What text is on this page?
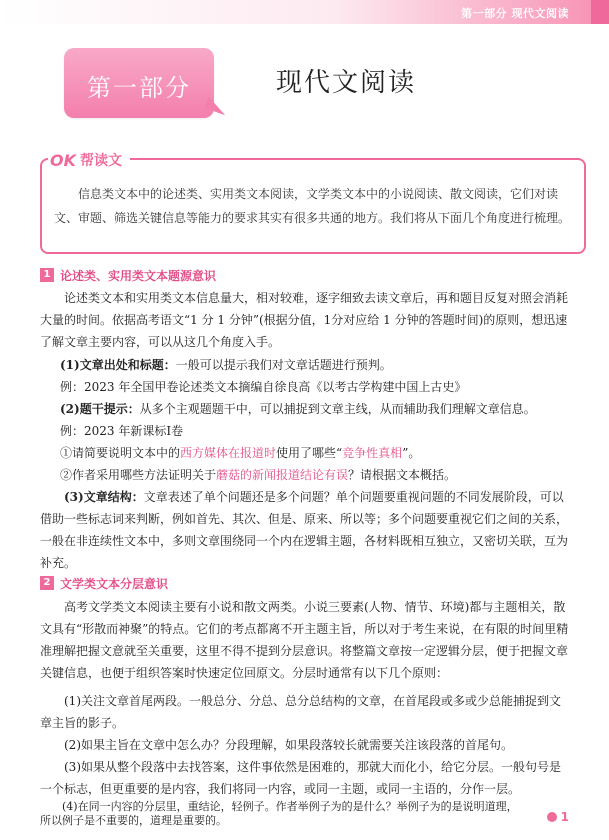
第一部分 现代文阅读
第一部分	现代文阅读
OK 帮读文
信息类文本中的论述类、实用类文本阅读，文学类文本中的小说阅读、散文阅读，它们对读文、审题、筛选关键信息等能力的要求其实有很多共通的地方。我们将从下面几个角度进行梳理。
1 论述类、实用类文本题源意识
论述类文本和实用类文本信息量大，相对较难，逐字细致去读文章后，再和题目反复对照会消耗大量的时间。依据高考语文“1 分 1 分钟”(根据分值，1分对应给 1 分钟的答题时间)的原则，想迅速了解文章主要内容，可以从这几个角度入手。
(1)文章出处和标题：一般可以提示我们对文章话题进行预判。
例：2023 年全国甲卷论述类文本摘编自徐良高《以考古学构建中国上古史》
(2)题干提示：从多个主观题题干中，可以捕捉到文章主线，从而辅助我们理解文章信息。
例：2023 年新课标Ⅰ卷
①请简要说明文本中的西方媒体在报道时使用了哪些“竞争性真相”。
②作者采用哪些方法证明关于蘑菇的新闻报道结论有误？请根据文本概括。
(3)文章结构：文章表述了单个问题还是多个问题？单个问题要重视问题的不同发展阶段，可以借助一些标志词来判断，例如首先、其次、但是、原来、所以等；多个问题要重视它们之间的关系，一般在非连续性文本中，多则文章围绕同一个内在逻辑主题，各材料既相互独立，又密切关联，互为补充。
2 文学类文本分层意识
高考文学类文本阅读主要有小说和散文两类。小说三要素(人物、情节、环境)都与主题相关，散文具有“形散而神聚”的特点。它们的考点都离不开主题主旨，所以对于考生来说，在有限的时间里精准理解把握文意就至关重要，这里不得不提到分层意识。将整篇文章按一定逻辑分层，便于把握文章关键信息，也便于组织答案时快速定位回原文。分层时通常有以下几个原则：
(1)关注文章首尾两段。一般总分、分总、总分总结构的文章，在首尾段或多或少总能捕捉到文章主旨的影子。
(2)如果主旨在文章中怎么办？分段理解，如果段落较长就需要关注该段落的首尾句。
(3)如果从整个段落中去找答案，这件事依然是困难的，那就大而化小，给它分层。一般句号是一个标志，但更重要的是内容，我们将同一内容，或同一主题，或同一主语的，分作一层。
(4)在同一内容的分层里，重结论，轻例子。作者举例子为的是什么？举例子为的是说明道理，所以例子是不重要的，道理是重要的。	1
